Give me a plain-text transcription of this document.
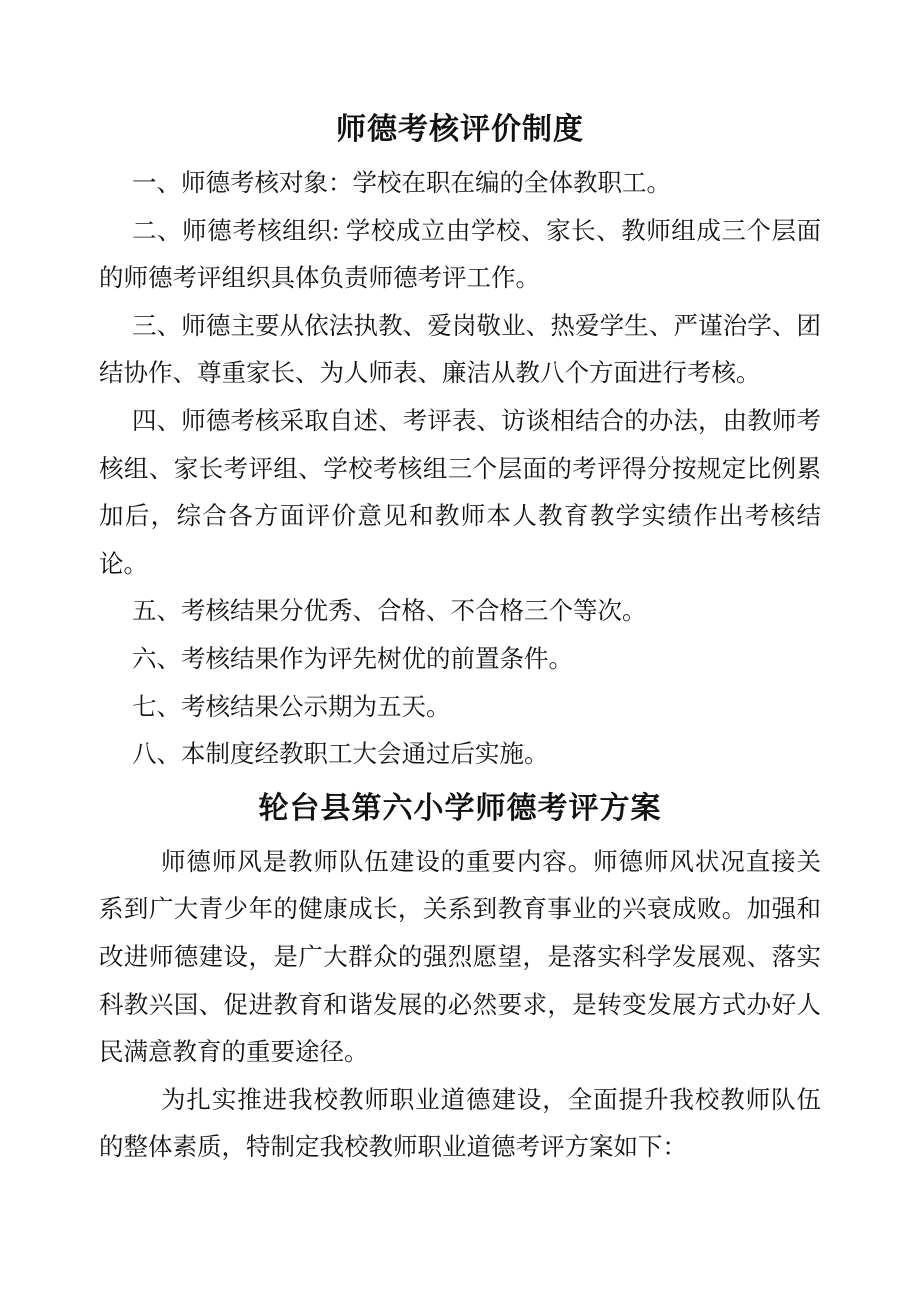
师德考核评价制度

一、师德考核对象：学校在职在编的全体教职工。

二、师德考核组织: 学校成立由学校、家长、教师组成三个层面的师德考评组织具体负责师德考评工作。

三、师德主要从依法执教、爱岗敬业、热爱学生、严谨治学、团结协作、尊重家长、为人师表、廉洁从教八个方面进行考核。

四、师德考核采取自述、考评表、访谈相结合的办法，由教师考核组、家长考评组、学校考核组三个层面的考评得分按规定比例累加后，综合各方面评价意见和教师本人教育教学实绩作出考核结论。

五、考核结果分优秀、合格、不合格三个等次。

六、考核结果作为评先树优的前置条件。

七、考核结果公示期为五天。

八、本制度经教职工大会通过后实施。

轮台县第六小学师德考评方案

师德师风是教师队伍建设的重要内容。师德师风状况直接关系到广大青少年的健康成长，关系到教育事业的兴衰成败。加强和改进师德建设，是广大群众的强烈愿望，是落实科学发展观、落实科教兴国、促进教育和谐发展的必然要求，是转变发展方式办好人民满意教育的重要途径。

为扎实推进我校教师职业道德建设，全面提升我校教师队伍的整体素质，特制定我校教师职业道德考评方案如下：
